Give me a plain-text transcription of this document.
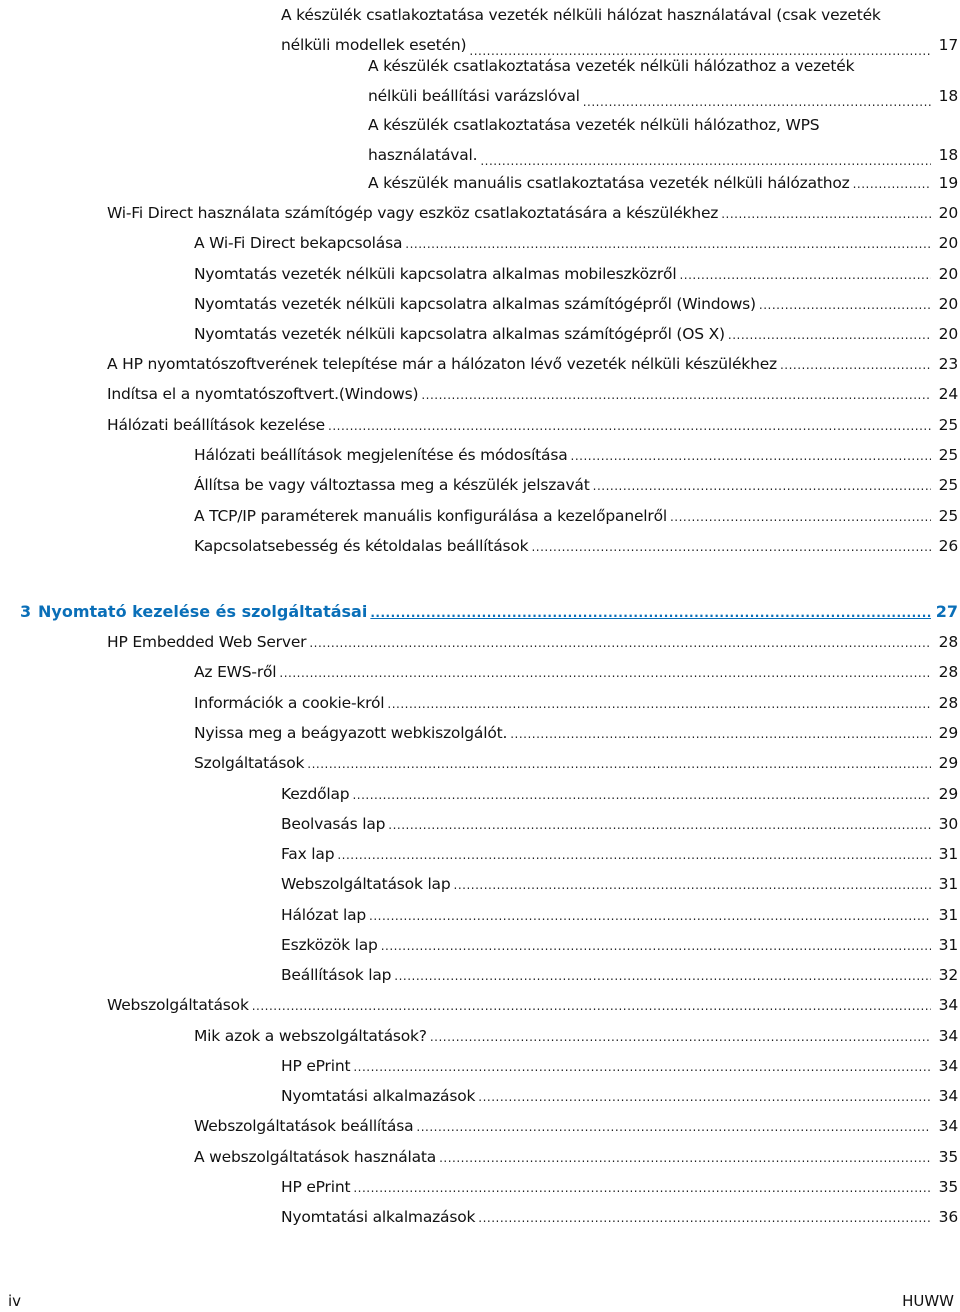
A készülék csatlakoztatása vezeték nélküli hálózat használatával (csak vezeték
nélküli modellek esetén) .....	17
A készülék csatlakoztatása vezeték nélküli hálózathoz a vezeték
nélküli beállítási varázslóval .....	18
A készülék csatlakoztatása vezeték nélküli hálózathoz, WPS
használatával. .....	18
A készülék manuális csatlakoztatása vezeték nélküli hálózathoz .....	19
Wi-Fi Direct használata számítógép vagy eszköz csatlakoztatására a készülékhez .....	20
A Wi-Fi Direct bekapcsolása .....	20
Nyomtatás vezeték nélküli kapcsolatra alkalmas mobileszközről .....	20
Nyomtatás vezeték nélküli kapcsolatra alkalmas számítógépről (Windows) .....	20
Nyomtatás vezeték nélküli kapcsolatra alkalmas számítógépről (OS X) .....	20
A HP nyomtatószoftverének telepítése már a hálózaton lévő vezeték nélküli készülékhez .....	23
Indítsa el a nyomtatószoftvert.(Windows) .....	24
Hálózati beállítások kezelése .....	25
Hálózati beállítások megjelenítése és módosítása .....	25
Állítsa be vagy változtassa meg a készülék jelszavát .....	25
A TCP/IP paraméterek manuális konfigurálása a kezelőpanelről .....	25
Kapcsolatsebesség és kétoldalas beállítások .....	26
3 Nyomtató kezelése és szolgáltatásai .....	27
HP Embedded Web Server .....	28
Az EWS-ről .....	28
Információk a cookie-król .....	28
Nyissa meg a beágyazott webkiszolgálót. .....	29
Szolgáltatások .....	29
Kezdőlap .....	29
Beolvasás lap .....	30
Fax lap .....	31
Webszolgáltatások lap .....	31
Hálózat lap .....	31
Eszközök lap .....	31
Beállítások lap .....	32
Webszolgáltatások .....	34
Mik azok a webszolgáltatások? .....	34
HP ePrint .....	34
Nyomtatási alkalmazások .....	34
Webszolgáltatások beállítása .....	34
A webszolgáltatások használata .....	35
HP ePrint .....	35
Nyomtatási alkalmazások .....	36
iv	HUWW
